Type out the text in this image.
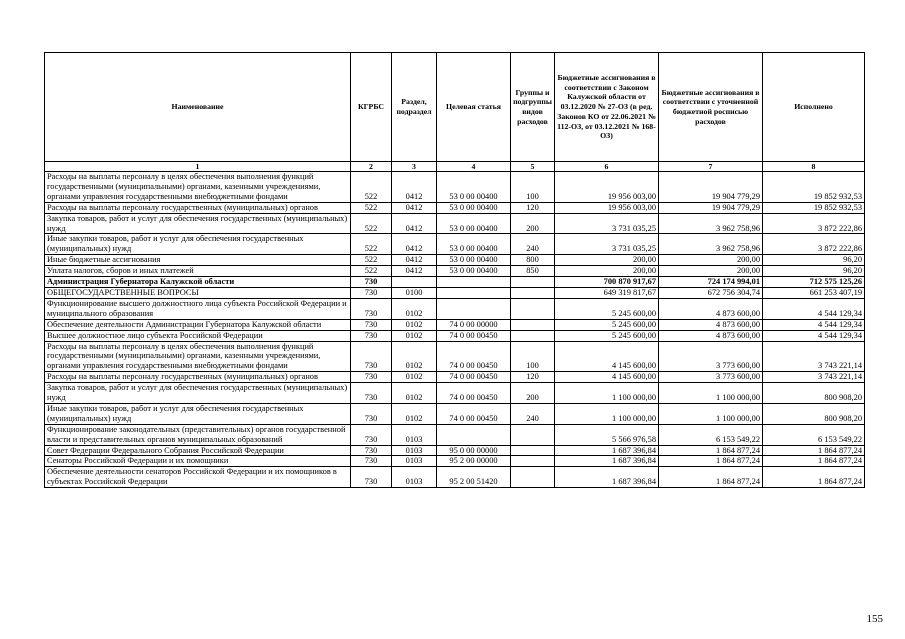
Наименование	КГРБС	Раздел, подраздел	Целевая статья	Группы и подгруппы видов расходов	Бюджетные ассигнования в соответствии с Законом Калужской области от 03.12.2020 № 27-ОЗ (в ред. Законов КО от 22.06.2021 № 112-ОЗ, от 03.12.2021 № 168-ОЗ)	Бюджетные ассигнования в соответствии с уточненной бюджетной росписью расходов	Исполнено
1	2	3	4	5	6	7	8
Расходы на выплаты персоналу в целях обеспечения выполнения функций государственными (муниципальными) органами, казенными учреждениями, органами управления государственными внебюджетными фондами	522	0412	53 0 00 00400	100	19 956 003,00	19 904 779,29	19 852 932,53
Расходы на выплаты персоналу государственных (муниципальных) органов	522	0412	53 0 00 00400	120	19 956 003,00	19 904 779,29	19 852 932,53
Закупка товаров, работ и услуг для обеспечения государственных (муниципальных) нужд	522	0412	53 0 00 00400	200	3 731 035,25	3 962 758,96	3 872 222,86
Иные закупки товаров, работ и услуг для обеспечения государственных (муниципальных) нужд	522	0412	53 0 00 00400	240	3 731 035,25	3 962 758,96	3 872 222,86
Иные бюджетные ассигнования	522	0412	53 0 00 00400	800	200,00	200,00	96,20
Уплата налогов, сборов и иных платежей	522	0412	53 0 00 00400	850	200,00	200,00	96,20
Администрация Губернатора Калужской области	730				700 870 917,67	724 174 994,01	712 575 125,26
ОБЩЕГОСУДАРСТВЕННЫЕ ВОПРОСЫ	730	0100			649 319 817,67	672 756 304,74	661 253 407,19
Функционирование высшего должностного лица субъекта Российской Федерации и муниципального образования	730	0102			5 245 600,00	4 873 600,00	4 544 129,34
Обеспечение деятельности Администрации Губернатора Калужской области	730	0102	74 0 00 00000		5 245 600,00	4 873 600,00	4 544 129,34
Высшее должностное лицо субъекта Российской Федерации	730	0102	74 0 00 00450		5 245 600,00	4 873 600,00	4 544 129,34
Расходы на выплаты персоналу в целях обеспечения выполнения функций государственными (муниципальными) органами, казенными учреждениями, органами управления государственными внебюджетными фондами	730	0102	74 0 00 00450	100	4 145 600,00	3 773 600,00	3 743 221,14
Расходы на выплаты персоналу государственных (муниципальных) органов	730	0102	74 0 00 00450	120	4 145 600,00	3 773 600,00	3 743 221,14
Закупка товаров, работ и услуг для обеспечения государственных (муниципальных) нужд	730	0102	74 0 00 00450	200	1 100 000,00	1 100 000,00	800 908,20
Иные закупки товаров, работ и услуг для обеспечения государственных (муниципальных) нужд	730	0102	74 0 00 00450	240	1 100 000,00	1 100 000,00	800 908,20
Функционирование законодательных (представительных) органов государственной власти и представительных органов муниципальных образований	730	0103			5 566 976,58	6 153 549,22	6 153 549,22
Совет Федерации Федерального Собрания Российской Федерации	730	0103	95 0 00 00000		1 687 396,84	1 864 877,24	1 864 877,24
Сенаторы Российской Федерации и их помощники	730	0103	95 2 00 00000		1 687 396,84	1 864 877,24	1 864 877,24
Обеспечение деятельности сенаторов Российской Федерации и их помощников в субъектах Российской Федерации	730	0103	95 2 00 51420		1 687 396,84	1 864 877,24	1 864 877,24
155
